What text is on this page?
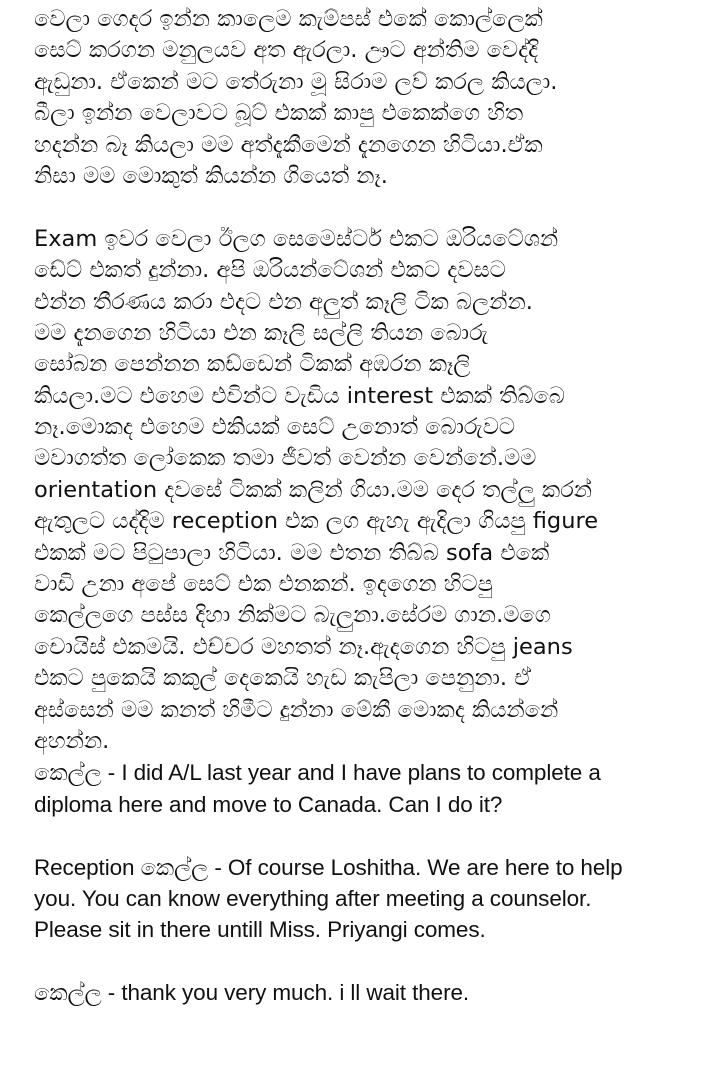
වෙලා ගෙදර ඉන්න කාලෙම කැම්පස් එකේ කොල්ලෙක්
සෙට් කරගන මනුලයව අත ඇරලා. ඌට අන්තිම වෙද්දි
ඇඩුනා. ඒකෙන් මට තේරුනා මූ සිරාම ලව් කරල කියලා.
බීලා ඉන්න වෙලාවට බූට් එකක් කාපු එකෙක්ගෙ හිත
හදන්න බෑ කියලා මම අත්දැකීමෙන් දැනගෙන හිටියා.ඒක
නිසා මම මොකුත් කියන්න ගියෙත් නෑ.

Exam ඉවර වෙලා ඊලග සෙමෙස්ටර් එකට ඔරියටේශන්
ඩේට් එකත් දුන්නා. අපි ඔරියන්ටේශන් එකට දවසට
එන්න තීරණය කරා එදට එන අලුත් කෑලි ටික බලන්න.
මම දැනගෙන හිටියා එන කෑලි සල්ලි තියන බොරු
සෝබන පෙන්නන කඩ්ඩෙන් ටිකක් අඹරන කෑලි
කියලා.මට එහෙම එවින්ට වැඩිය interest එකක් තිබ්බෙ
නෑ.මොකද එහෙම එකියක් සෙට් උනොත් බොරුවට
මවාගත්ත ලෝකෙක තමා ජීවත් වෙන්න වෙන්නේ.මම
orientation දවසේ ටිකක් කලින් ගියා.මම දෙර තල්ලු කරන්
ඇතුලට යද්දිම reception එක ලග ඇහැ ඇදිලා ගියපු figure
එකක් මට පිටුපාලා හිටියා. මම එතන තිබ්බ sofa එකේ
වාඩි උනා අපේ සෙට් එක එනකන්. ඉදගෙන හිටපු
කෙල්ලගෙ පස්ස දිහා නික්මට බැලුනා.සේරම ගාන.මගෙ
චොයිස් එකමයි. එච්චර මහතත් නෑ.ඇදගෙන හිටපු jeans
එකට පුකෙයි කකුල් දෙකෙයි හැඩ කැපිලා පෙනුනා. ඒ
අස්සෙන් මම කනත් හිමීට දුන්නා මේකී මොකද කියන්නේ
අහන්න.
කෙල්ල - I did A/L last year and I have plans to complete a
diploma here and move to Canada. Can I do it?

Reception කෙල්ල - Of course Loshitha. We are here to help
you. You can know everything after meeting a counselor.
Please sit in there untill Miss. Priyangi comes.

කෙල්ල - thank you very much. i ll wait there.
